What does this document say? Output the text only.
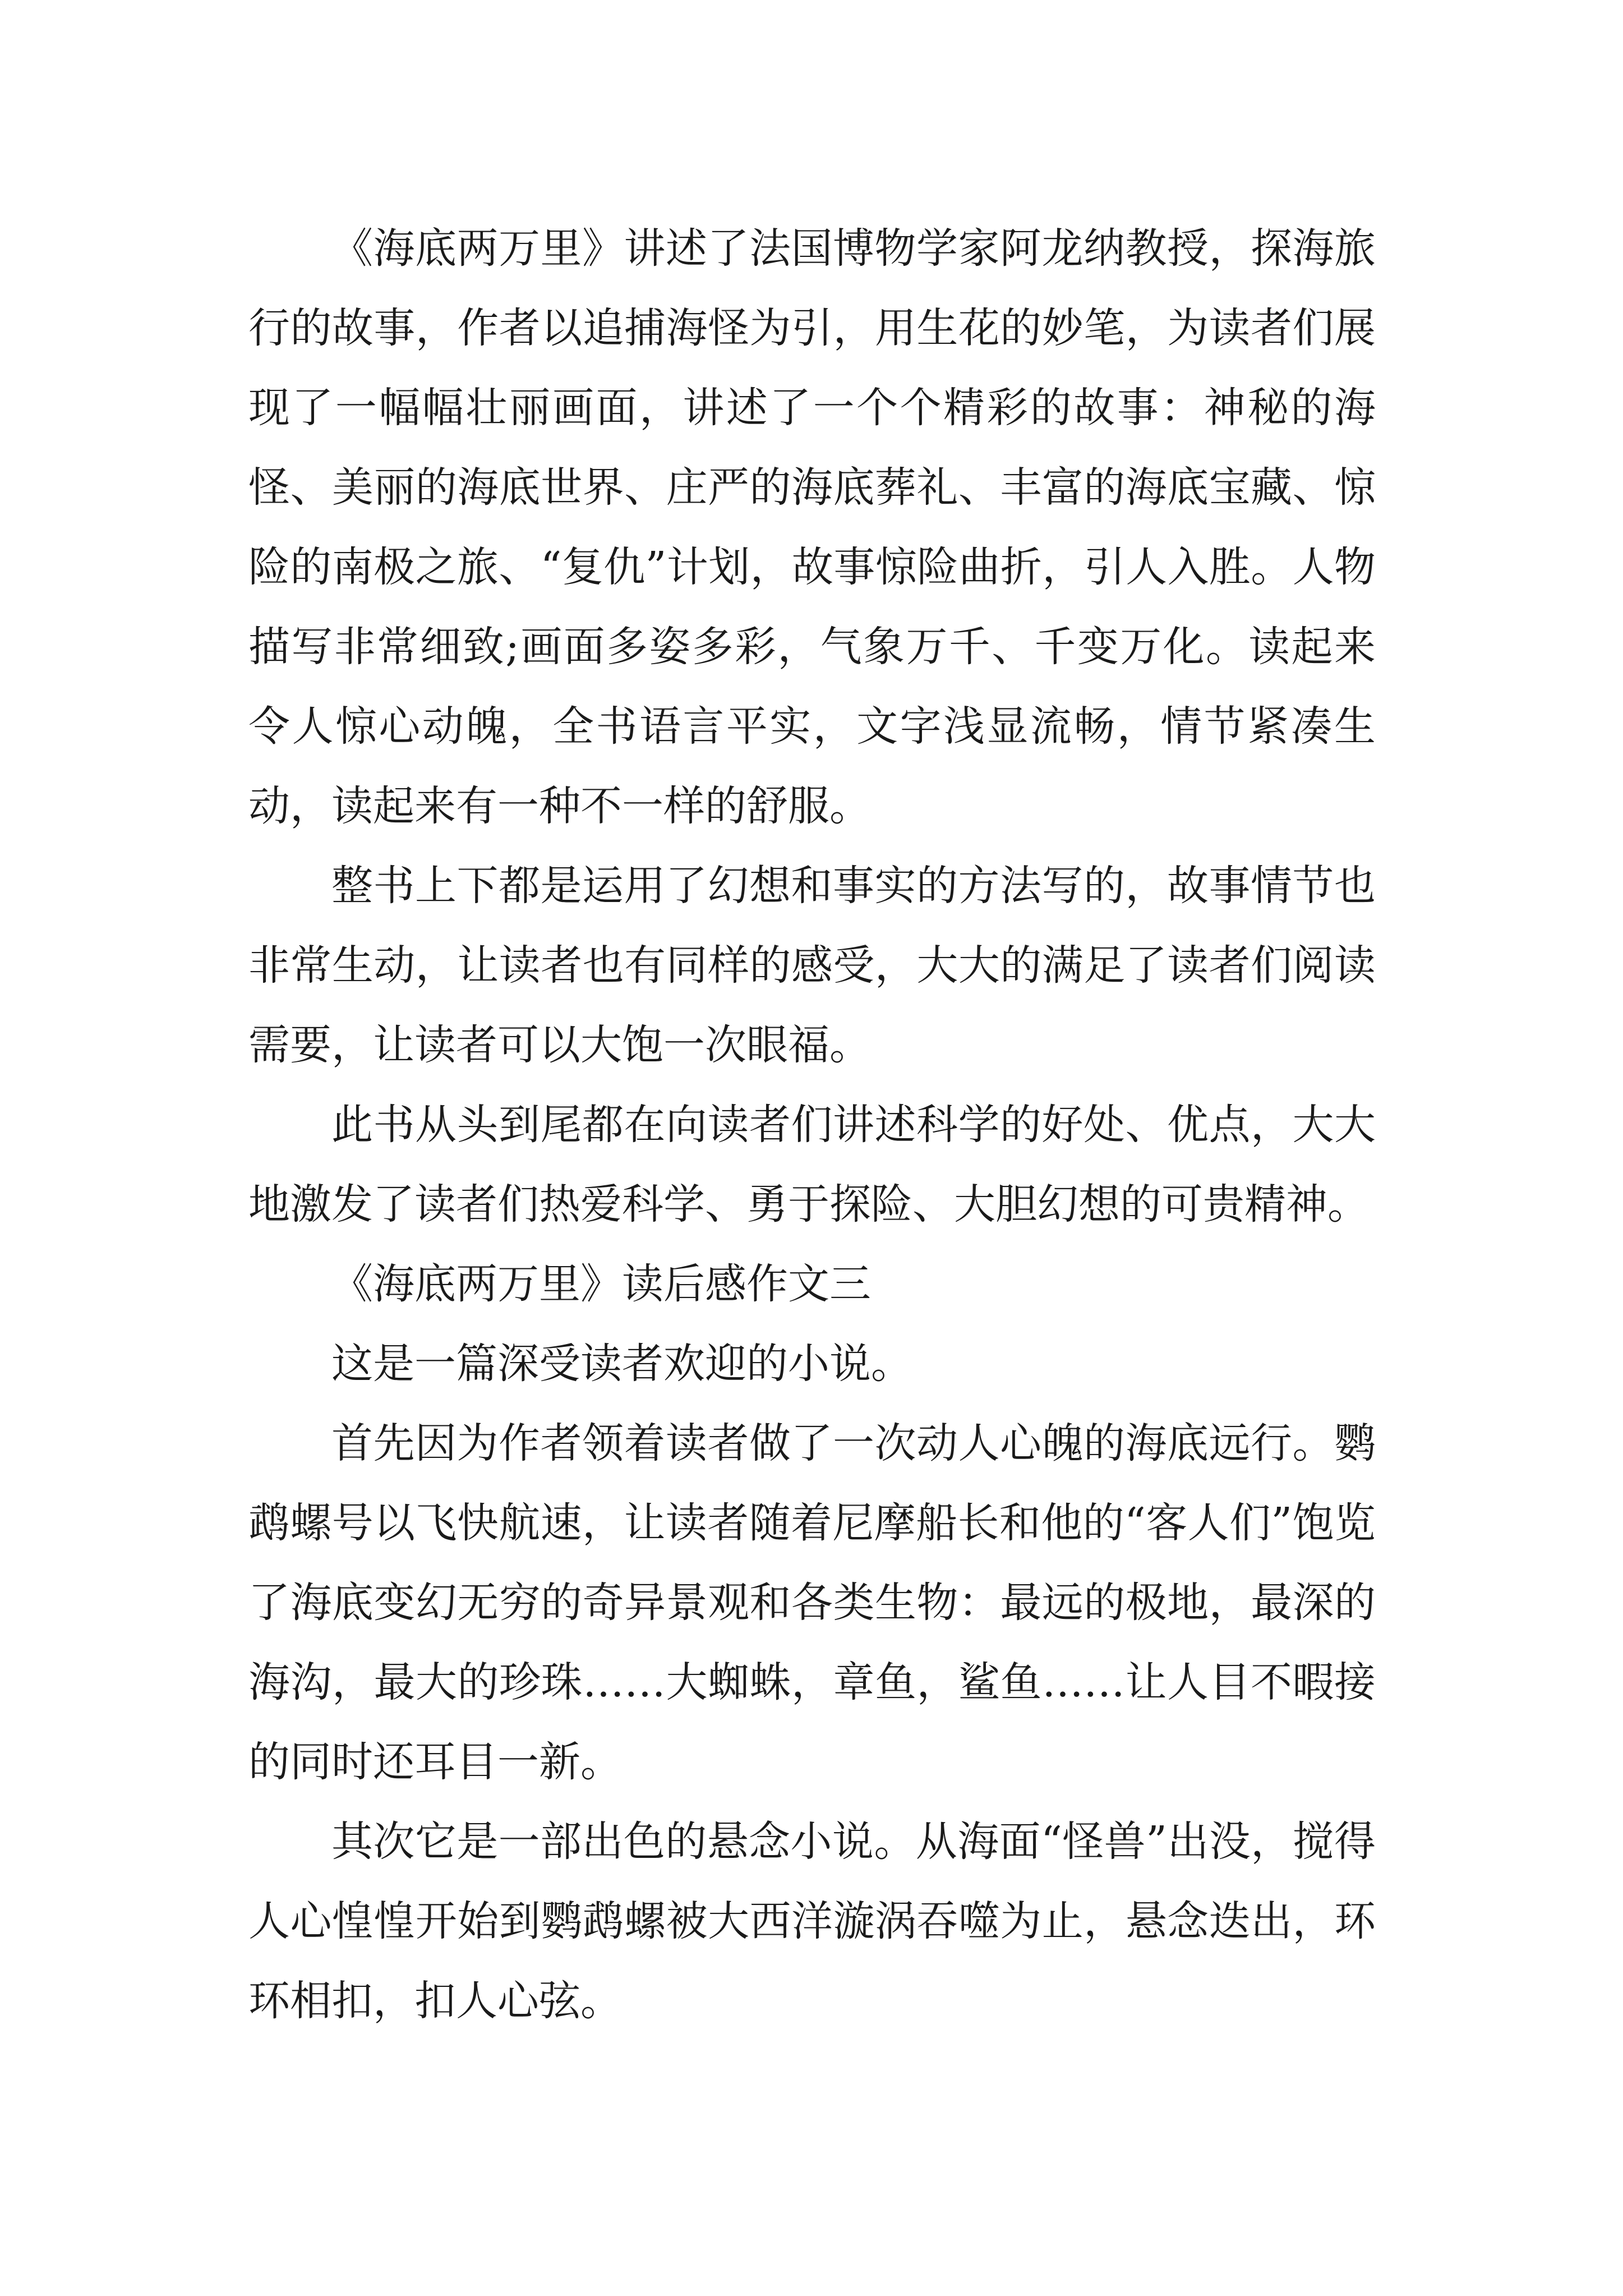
《海底两万里》讲述了法国博物学家阿龙纳教授，探海旅行的故事，作者以追捕海怪为引，用生花的妙笔，为读者们展现了一幅幅壮丽画面，讲述了一个个精彩的故事：神秘的海怪、美丽的海底世界、庄严的海底葬礼、丰富的海底宝藏、惊险的南极之旅、“复仇”计划，故事惊险曲折，引人入胜。人物描写非常细致;画面多姿多彩，气象万千、千变万化。读起来令人惊心动魄，全书语言平实，文字浅显流畅，情节紧凑生动，读起来有一种不一样的舒服。

整书上下都是运用了幻想和事实的方法写的，故事情节也非常生动，让读者也有同样的感受，大大的满足了读者们阅读需要，让读者可以大饱一次眼福。

此书从头到尾都在向读者们讲述科学的好处、优点，大大地激发了读者们热爱科学、勇于探险、大胆幻想的可贵精神。

《海底两万里》读后感作文三

这是一篇深受读者欢迎的小说。

首先因为作者领着读者做了一次动人心魄的海底远行。鹦鹉螺号以飞快航速，让读者随着尼摩船长和他的“客人们”饱览了海底变幻无穷的奇异景观和各类生物：最远的极地，最深的海沟，最大的珍珠……大蜘蛛，章鱼，鲨鱼……让人目不暇接的同时还耳目一新。

其次它是一部出色的悬念小说。从海面“怪兽”出没，搅得人心惶惶开始到鹦鹉螺被大西洋漩涡吞噬为止，悬念迭出，环环相扣，扣人心弦。
